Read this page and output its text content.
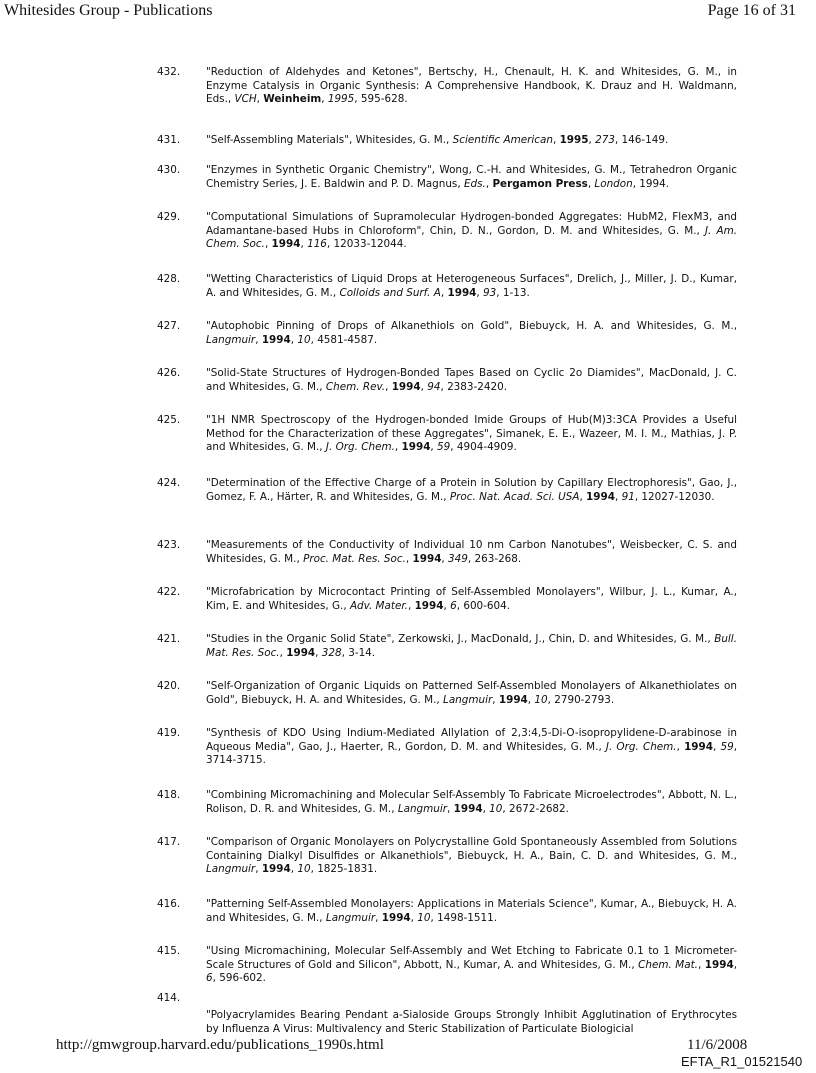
Whitesides Group - Publications	Page 16 of 31
432.	"Reduction of Aldehydes and Ketones", Bertschy, H., Chenault, H. K. and Whitesides, G. M., in Enzyme Catalysis in Organic Synthesis: A Comprehensive Handbook, K. Drauz and H. Waldmann, Eds., VCH, Weinheim, 1995, 595-628.
431.	"Self-Assembling Materials", Whitesides, G. M., Scientific American, 1995, 273, 146-149.
430.	"Enzymes in Synthetic Organic Chemistry", Wong, C.-H. and Whitesides, G. M., Tetrahedron Organic Chemistry Series, J. E. Baldwin and P. D. Magnus, Eds., Pergamon Press, London, 1994.
429.	"Computational Simulations of Supramolecular Hydrogen-bonded Aggregates: HubM2, FlexM3, and Adamantane-based Hubs in Chloroform", Chin, D. N., Gordon, D. M. and Whitesides, G. M., J. Am. Chem. Soc., 1994, 116, 12033-12044.
428.	"Wetting Characteristics of Liquid Drops at Heterogeneous Surfaces", Drelich, J., Miller, J. D., Kumar, A. and Whitesides, G. M., Colloids and Surf. A, 1994, 93, 1-13.
427.	"Autophobic Pinning of Drops of Alkanethiols on Gold", Biebuyck, H. A. and Whitesides, G. M., Langmuir, 1994, 10, 4581-4587.
426.	"Solid-State Structures of Hydrogen-Bonded Tapes Based on Cyclic 2o Diamides", MacDonald, J. C. and Whitesides, G. M., Chem. Rev., 1994, 94, 2383-2420.
425.	"1H NMR Spectroscopy of the Hydrogen-bonded Imide Groups of Hub(M)3:3CA Provides a Useful Method for the Characterization of these Aggregates", Simanek, E. E., Wazeer, M. I. M., Mathias, J. P. and Whitesides, G. M., J. Org. Chem., 1994, 59, 4904-4909.
424.	"Determination of the Effective Charge of a Protein in Solution by Capillary Electrophoresis", Gao, J., Gomez, F. A., Härter, R. and Whitesides, G. M., Proc. Nat. Acad. Sci. USA, 1994, 91, 12027-12030.
423.	"Measurements of the Conductivity of Individual 10 nm Carbon Nanotubes", Weisbecker, C. S. and Whitesides, G. M., Proc. Mat. Res. Soc., 1994, 349, 263-268.
422.	"Microfabrication by Microcontact Printing of Self-Assembled Monolayers", Wilbur, J. L., Kumar, A., Kim, E. and Whitesides, G., Adv. Mater., 1994, 6, 600-604.
421.	"Studies in the Organic Solid State", Zerkowski, J., MacDonald, J., Chin, D. and Whitesides, G. M., Bull. Mat. Res. Soc., 1994, 328, 3-14.
420.	"Self-Organization of Organic Liquids on Patterned Self-Assembled Monolayers of Alkanethiolates on Gold", Biebuyck, H. A. and Whitesides, G. M., Langmuir, 1994, 10, 2790-2793.
419.	"Synthesis of KDO Using Indium-Mediated Allylation of 2,3:4,5-Di-O-isopropylidene-D-arabinose in Aqueous Media", Gao, J., Haerter, R., Gordon, D. M. and Whitesides, G. M., J. Org. Chem., 1994, 59, 3714-3715.
418.	"Combining Micromachining and Molecular Self-Assembly To Fabricate Microelectrodes", Abbott, N. L., Rolison, D. R. and Whitesides, G. M., Langmuir, 1994, 10, 2672-2682.
417.	"Comparison of Organic Monolayers on Polycrystalline Gold Spontaneously Assembled from Solutions Containing Dialkyl Disulfides or Alkanethiols", Biebuyck, H. A., Bain, C. D. and Whitesides, G. M., Langmuir, 1994, 10, 1825-1831.
416.	"Patterning Self-Assembled Monolayers: Applications in Materials Science", Kumar, A., Biebuyck, H. A. and Whitesides, G. M., Langmuir, 1994, 10, 1498-1511.
415.	"Using Micromachining, Molecular Self-Assembly and Wet Etching to Fabricate 0.1 to 1 Micrometer-Scale Structures of Gold and Silicon", Abbott, N., Kumar, A. and Whitesides, G. M., Chem. Mat., 1994, 6, 596-602.
414.
"Polyacrylamides Bearing Pendant a-Sialoside Groups Strongly Inhibit Agglutination of Erythrocytes by Influenza A Virus: Multivalency and Steric Stabilization of Particulate Biologicial
http://gmwgroup.harvard.edu/publications_1990s.html	11/6/2008
EFTA_R1_01521540
